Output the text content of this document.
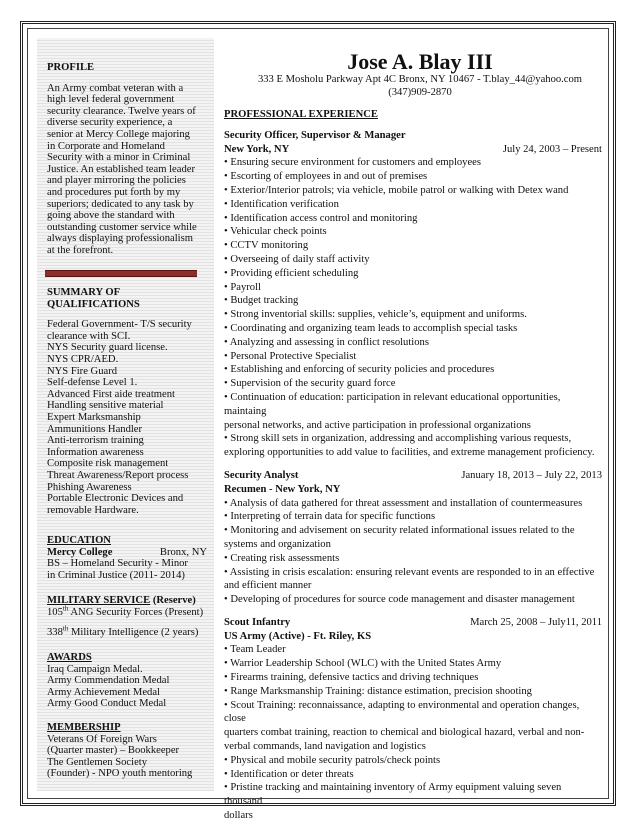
PROFILE
An Army combat veteran with a
high level federal government
security clearance. Twelve years of
diverse security experience, a
senior at Mercy College majoring
in Corporate and Homeland
Security with a minor in Criminal
Justice. An established team leader
and player mirroring the policies
and procedures put forth by my
superiors; dedicated to any task by
going above the standard with
outstanding customer service while
always displaying professionalism
at the forefront.
SUMMARY OF
QUALIFICATIONS
Federal Government- T/S security
clearance with SCI.
NYS Security guard license.
NYS CPR/AED.
NYS Fire Guard
Self-defense Level 1.
Advanced First aide treatment
Handling sensitive material
Expert Marksmanship
Ammunitions Handler
Anti-terrorism training
Information awareness
Composite risk management
Threat Awareness/Report process
Phishing Awareness
Portable Electronic Devices and
removable Hardware.
EDUCATION
Mercy College	Bronx, NY
BS – Homeland Security - Minor
in Criminal Justice (2011- 2014)
MILITARY SERVICE (Reserve)
105th ANG Security Forces (Present)
338th Military Intelligence (2 years)
AWARDS
Iraq Campaign Medal.
Army Commendation Medal
Army Achievement Medal
Army Good Conduct Medal
MEMBERSHIP
Veterans Of Foreign Wars
(Quarter master) – Bookkeeper
The Gentlemen Society
(Founder) - NPO youth mentoring
Jose A. Blay III
333 E Mosholu Parkway Apt 4C Bronx, NY 10467 - T.blay_44@yahoo.com
(347)909-2870
PROFESSIONAL EXPERIENCE
Security Officer, Supervisor & Manager
New York, NY	July 24, 2003 – Present
• Ensuring secure environment for customers and employees
• Escorting of employees in and out of premises
• Exterior/Interior patrols; via vehicle, mobile patrol or walking with Detex wand
• Identification verification
• Identification access control and monitoring
• Vehicular check points
• CCTV monitoring
• Overseeing of daily staff activity
• Providing efficient scheduling
• Payroll
• Budget tracking
• Strong inventorial skills: supplies, vehicle’s, equipment and uniforms.
• Coordinating and organizing team leads to accomplish special tasks
• Analyzing and assessing in conflict resolutions
• Personal Protective Specialist
• Establishing and enforcing of security policies and procedures
• Supervision of the security guard force
• Continuation of education: participation in relevant educational opportunities, maintaing
personal networks, and active participation in professional organizations
• Strong skill sets in organization, addressing and accomplishing various requests,
exploring opportunities to add value to facilities, and extreme management proficiency.
Security Analyst	January 18, 2013 – July 22, 2013
Recumen - New York, NY
• Analysis of data gathered for threat assessment and installation of countermeasures
• Interpreting of terrain data for specific functions
• Monitoring and advisement on security related informational issues related to the
systems and organization
• Creating risk assessments
• Assisting in crisis escalation: ensuring relevant events are responded to in an effective
and efficient manner
• Developing of procedures for source code management and disaster management
Scout Infantry	March 25, 2008 – July11, 2011
US Army (Active) - Ft. Riley, KS
• Team Leader
• Warrior Leadership School (WLC) with the United States Army
• Firearms training, defensive tactics and driving techniques
• Range Marksmanship Training: distance estimation, precision shooting
• Scout Training: reconnaissance, adapting to environmental and operation changes, close
quarters combat training, reaction to chemical and biological hazard, verbal and non-
verbal commands, land navigation and logistics
• Physical and mobile security patrols/check points
• Identification or deter threats
• Pristine tracking and maintaining inventory of Army equipment valuing seven thousand
dollars
